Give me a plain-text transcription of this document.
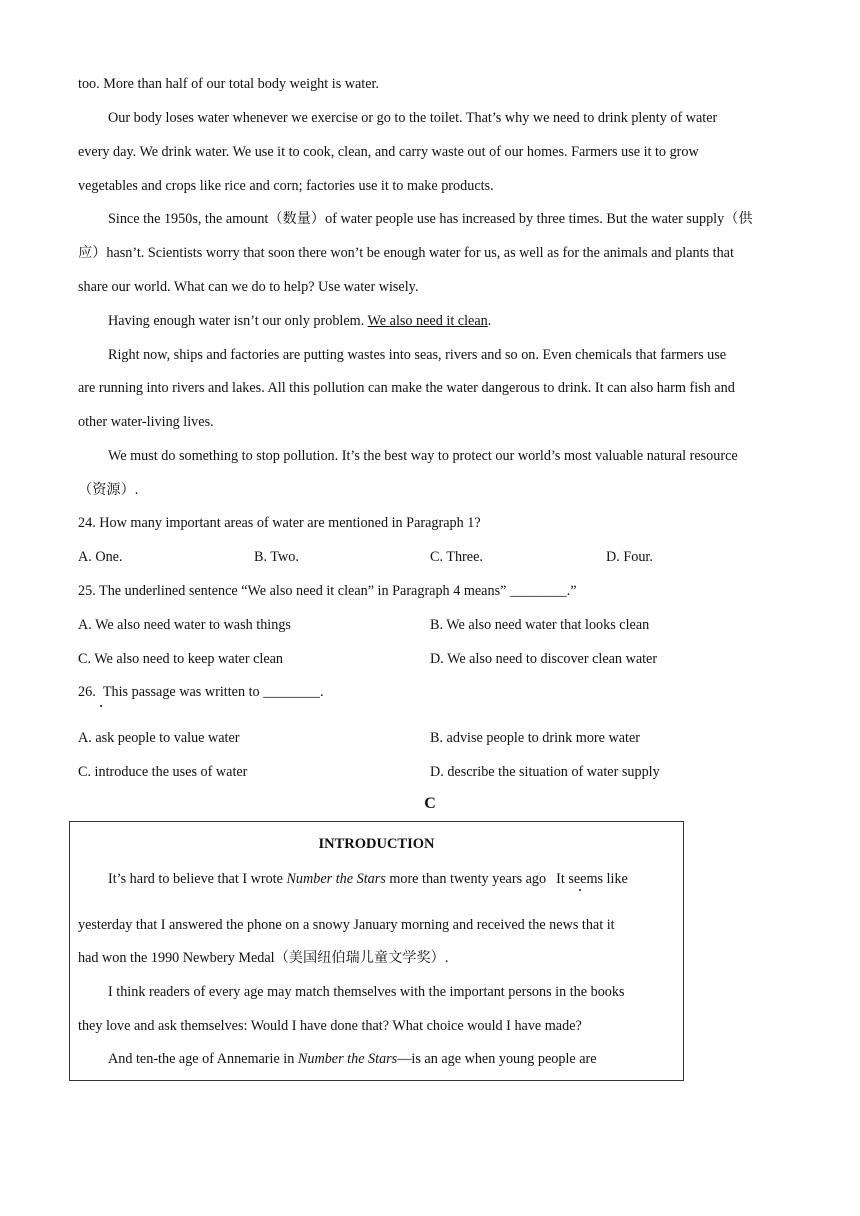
too. More than half of our total body weight is water.
Our body loses water whenever we exercise or go to the toilet. That’s why we need to drink plenty of water
every day. We drink water. We use it to cook, clean, and carry waste out of our homes. Farmers use it to grow
vegetables and crops like rice and corn; factories use it to make products.
Since the 1950s, the amount（数量）of water people use has increased by three times. But the water supply（供
应）hasn’t. Scientists worry that soon there won’t be enough water for us, as well as for the animals and plants that
share our world. What can we do to help? Use water wisely.
Having enough water isn’t our only problem. We also need it clean.
Right now, ships and factories are putting wastes into seas, rivers and so on. Even chemicals that farmers use
are running into rivers and lakes. All this pollution can make the water dangerous to drink. It can also harm fish and
other water-living lives.
We must do something to stop pollution. It’s the best way to protect our world’s most valuable natural resource
（资源）.
24. How many important areas of water are mentioned in Paragraph 1?
A. One.	B. Two.	C. Three.	D. Four.
25. The underlined sentence “We also need it clean” in Paragraph 4 means” ________.”
A. We also need water to wash things	B. We also need water that looks clean
C. We also need to keep water clean	D. We also need to discover clean water
26. This passage was written to ________.
A. ask people to value water	B. advise people to drink more water
C. introduce the uses of water	D. describe the situation of water supply
C
INTRODUCTION
It’s hard to believe that I wrote Number the Stars more than twenty years ago It seems like
yesterday that I answered the phone on a snowy January morning and received the news that it
had won the 1990 Newbery Medal（美国纽伯瑞儿童文学奖）.
I think readers of every age may match themselves with the important persons in the books
they love and ask themselves: Would I have done that? What choice would I have made?
And ten-the age of Annemarie in Number the Stars—is an age when young people are
